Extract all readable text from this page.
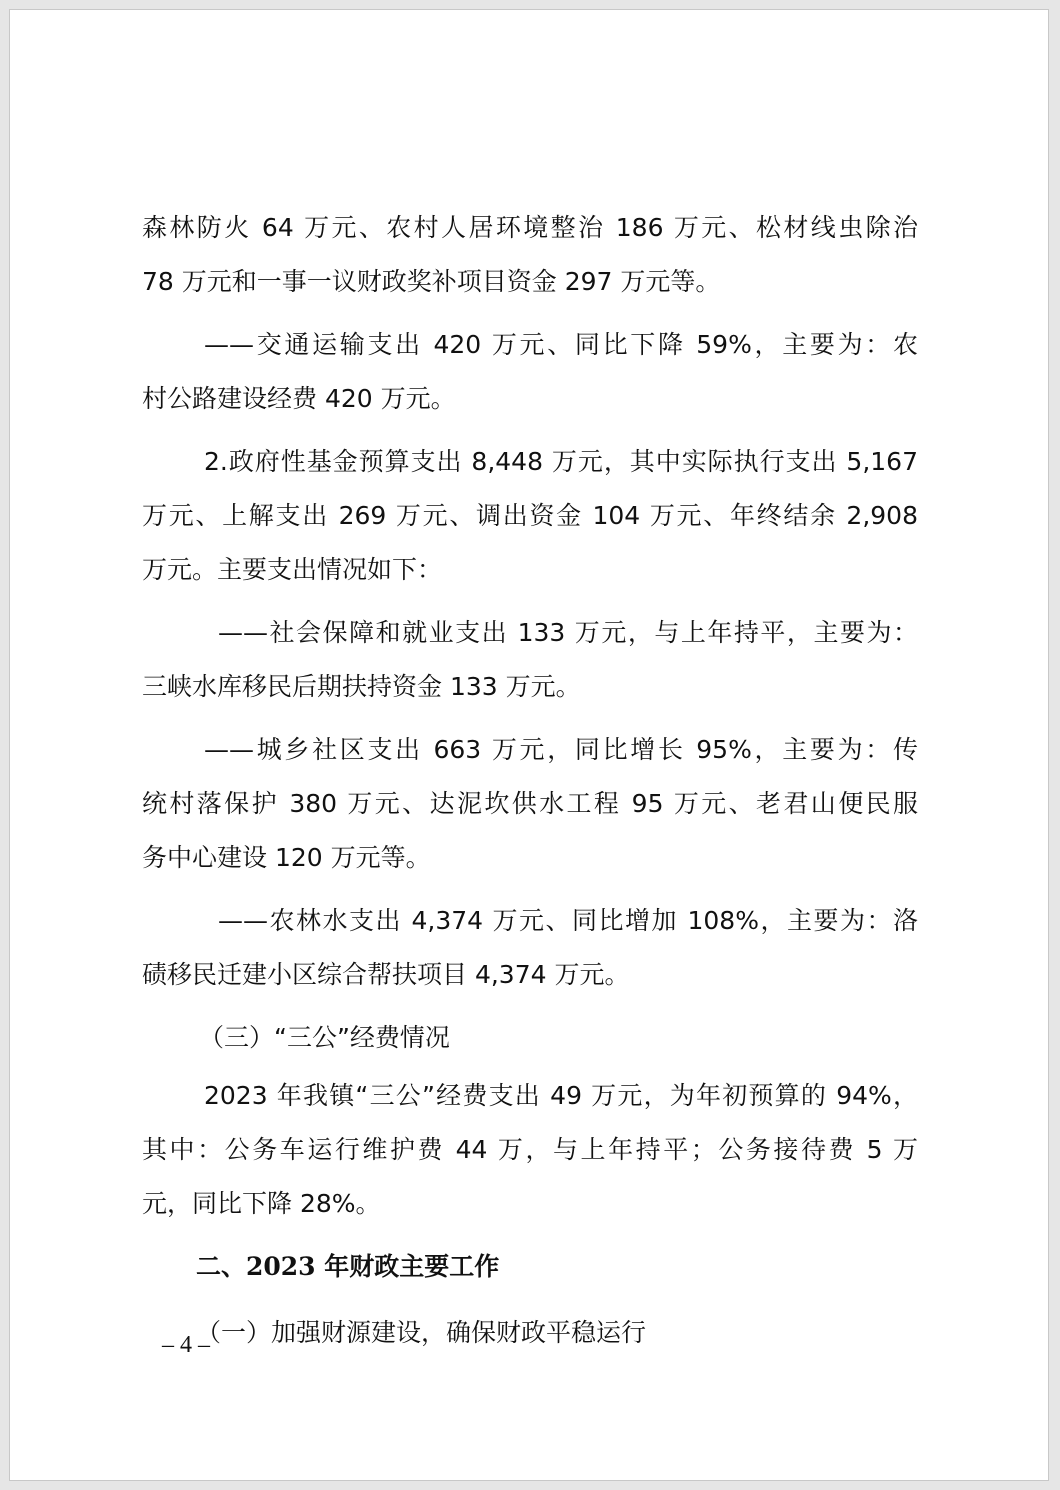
森林防火 64 万元、农村人居环境整治 186 万元、松材线虫除治
78 万元和一事一议财政奖补项目资金 297 万元等。
——交通运输支出 420 万元、同比下降 59%，主要为：农
村公路建设经费 420 万元。
2.政府性基金预算支出 8,448 万元，其中实际执行支出 5,167
万元、上解支出 269 万元、调出资金 104 万元、年终结余 2,908
万元。主要支出情况如下：
——社会保障和就业支出 133 万元，与上年持平，主要为：
三峡水库移民后期扶持资金 133 万元。
——城乡社区支出 663 万元，同比增长 95%，主要为：传
统村落保护 380 万元、达泥坎供水工程 95 万元、老君山便民服
务中心建设 120 万元等。
——农林水支出 4,374 万元、同比增加 108%，主要为：洛
碛移民迁建小区综合帮扶项目 4,374 万元。
（三）“三公”经费情况
2023 年我镇“三公”经费支出 49 万元，为年初预算的 94%，
其中：公务车运行维护费 44 万，与上年持平；公务接待费 5 万
元，同比下降 28%。
二、2023 年财政主要工作
（一）加强财源建设，确保财政平稳运行
– 4 –
